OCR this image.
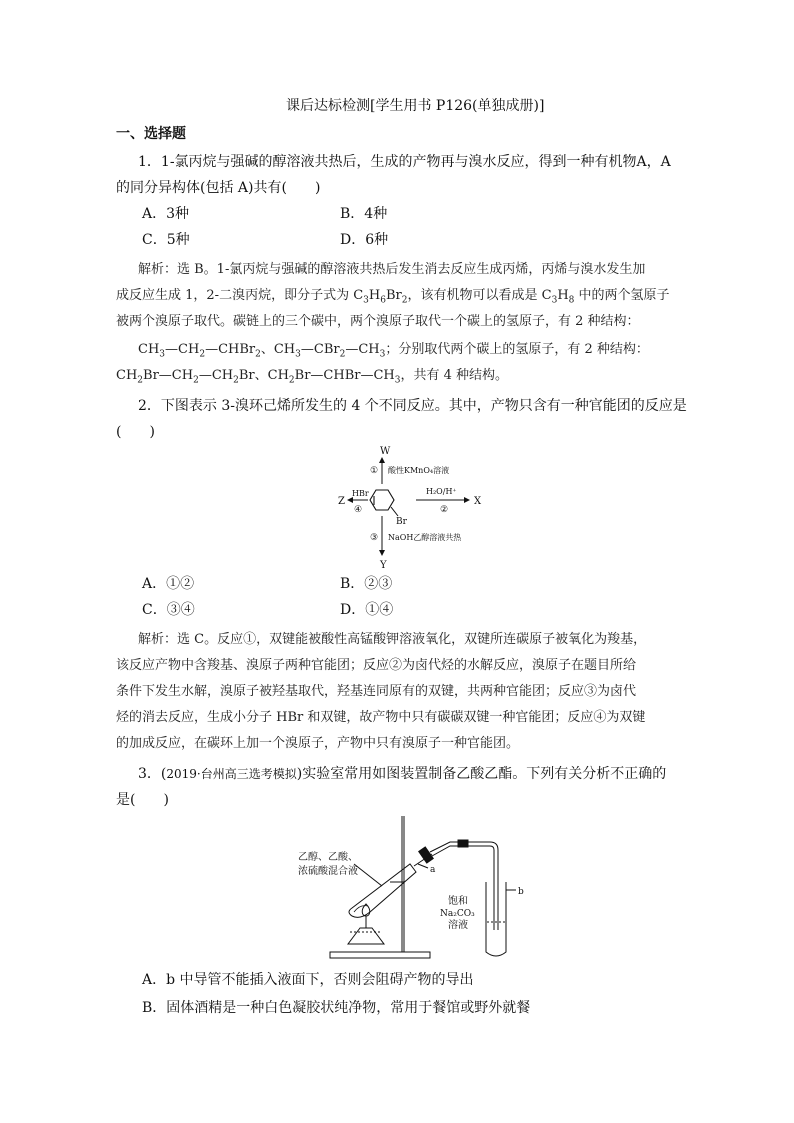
课后达标检测[学生用书 P126(单独成册)]
一、选择题
1．1-氯丙烷与强碱的醇溶液共热后，生成的产物再与溴水反应，得到一种有机物A，A
的同分异构体(包括 A)共有(　　)
A．3种	B．4种
C．5种	D．6种
解析：选 B。1-氯丙烷与强碱的醇溶液共热后发生消去反应生成丙烯，丙烯与溴水发生加
成反应生成 1，2-二溴丙烷，即分子式为 $C_3H_6Br_2$，该有机物可以看成是 $C_3H_8$ 中的两个氢原子
被两个溴原子取代。碳链上的三个碳中，两个溴原子取代一个碳上的氢原子，有 2 种结构：
$CH_3—CH_2—CHBr_2$、$CH_3—CBr_2—CH_3$；分别取代两个碳上的氢原子，有 2 种结构：
$CH_2Br—CH_2—CH_2Br$、$CH_2Br—CHBr—CH_3$，共有 4 种结构。
2．下图表示 3-溴环己烯所发生的 4 个不同反应。其中，产物只含有一种官能团的反应是
(　　)
W
① 酸性KMnO₄溶液
Z
HBr
④
Br
H₂O/H⁺
②
X
③ NaOH乙醇溶液共热
Y
A．①②	B．②③
C．③④	D．①④
解析：选 C。反应①，双键能被酸性高锰酸钾溶液氧化，双键所连碳原子被氧化为羧基，
该反应产物中含羧基、溴原子两种官能团；反应②为卤代烃的水解反应，溴原子在题目所给
条件下发生水解，溴原子被羟基取代，羟基连同原有的双键，共两种官能团；反应③为卤代
烃的消去反应，生成小分子 HBr 和双键，故产物中只有碳碳双键一种官能团；反应④为双键
的加成反应，在碳环上加一个溴原子，产物中只有溴原子一种官能团。
3．(2019·台州高三选考模拟)实验室常用如图装置制备乙酸乙酯。下列有关分析不正确的
是(　　)
乙醇、乙酸、
浓硫酸混合液	a
b
饱和
Na₂CO₃
溶液
A．b 中导管不能插入液面下，否则会阻碍产物的导出
B．固体酒精是一种白色凝胶状纯净物，常用于餐馆或野外就餐
